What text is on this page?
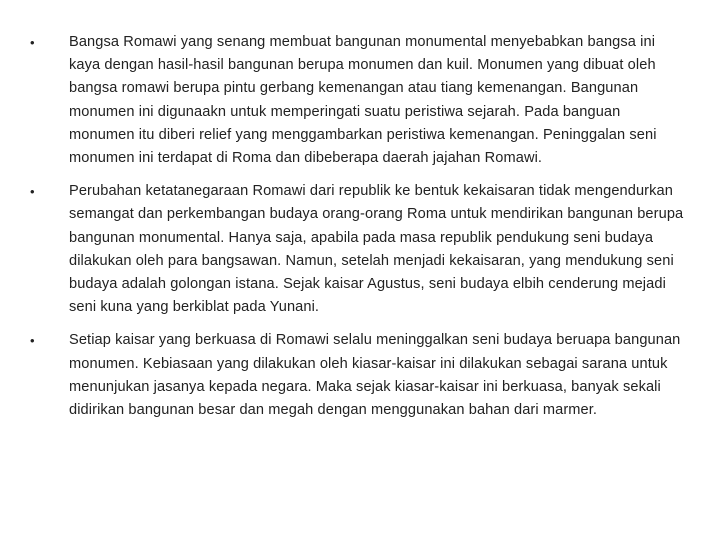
•	Bangsa Romawi yang senang membuat bangunan monumental menyebabkan bangsa ini kaya dengan hasil-hasil bangunan berupa monumen dan kuil. Monumen yang dibuat oleh bangsa romawi berupa pintu gerbang kemenangan atau tiang kemenangan. Bangunan monumen ini digunaakn untuk memperingati suatu peristiwa sejarah. Pada banguan monumen itu diberi relief yang menggambarkan peristiwa kemenangan. Peninggalan seni monumen ini terdapat di Roma dan dibeberapa daerah jajahan Romawi.
•	Perubahan ketatanegaraan Romawi dari republik ke bentuk kekaisaran tidak mengendurkan semangat dan perkembangan budaya orang-orang Roma untuk mendirikan bangunan berupa bangunan monumental. Hanya saja, apabila pada masa republik pendukung seni budaya dilakukan oleh para bangsawan. Namun, setelah menjadi kekaisaran, yang mendukung seni budaya adalah golongan istana. Sejak kaisar Agustus, seni budaya elbih cenderung mejadi seni kuna yang berkiblat pada Yunani.
•	Setiap kaisar yang berkuasa di Romawi selalu meninggalkan seni budaya beruapa bangunan monumen. Kebiasaan yang dilakukan oleh kiasar-kaisar ini dilakukan sebagai sarana untuk menunjukan jasanya kepada negara. Maka sejak kiasar-kaisar ini berkuasa, banyak sekali didirikan bangunan besar dan megah dengan menggunakan bahan dari marmer.
